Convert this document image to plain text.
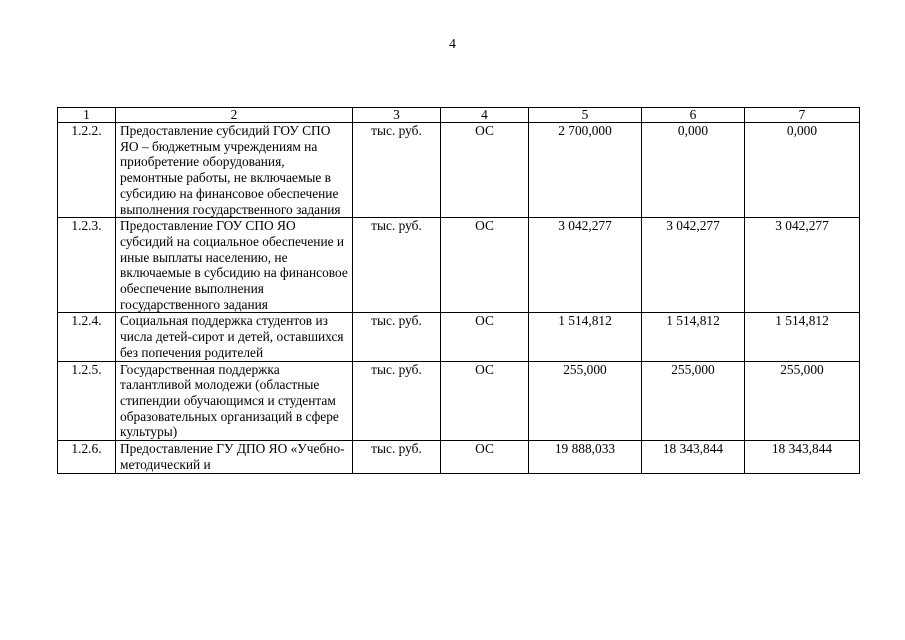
4
1	2	3	4	5	6	7
1.2.2.	Предоставление субсидий ГОУ СПО ЯО – бюджетным учреждениям на приобретение оборудования, ремонтные работы, не включаемые в субсидию на финансовое обеспечение выполнения государственного задания	тыс. руб.	ОС	2 700,000	0,000	0,000
1.2.3.	Предоставление ГОУ СПО ЯО субсидий на социальное обеспечение и иные выплаты населению, не включаемые в субсидию на финансовое обеспечение выполнения государственного задания	тыс. руб.	ОС	3 042,277	3 042,277	3 042,277
1.2.4.	Социальная поддержка студентов из числа детей-сирот и детей, оставшихся без попечения родителей	тыс. руб.	ОС	1 514,812	1 514,812	1 514,812
1.2.5.	Государственная поддержка талантливой молодежи (областные стипендии обучающимся и студентам образовательных организаций в сфере культуры)	тыс. руб.	ОС	255,000	255,000	255,000
1.2.6.	Предоставление ГУ ДПО ЯО «Учебно-методический и	тыс. руб.	ОС	19 888,033	18 343,844	18 343,844
